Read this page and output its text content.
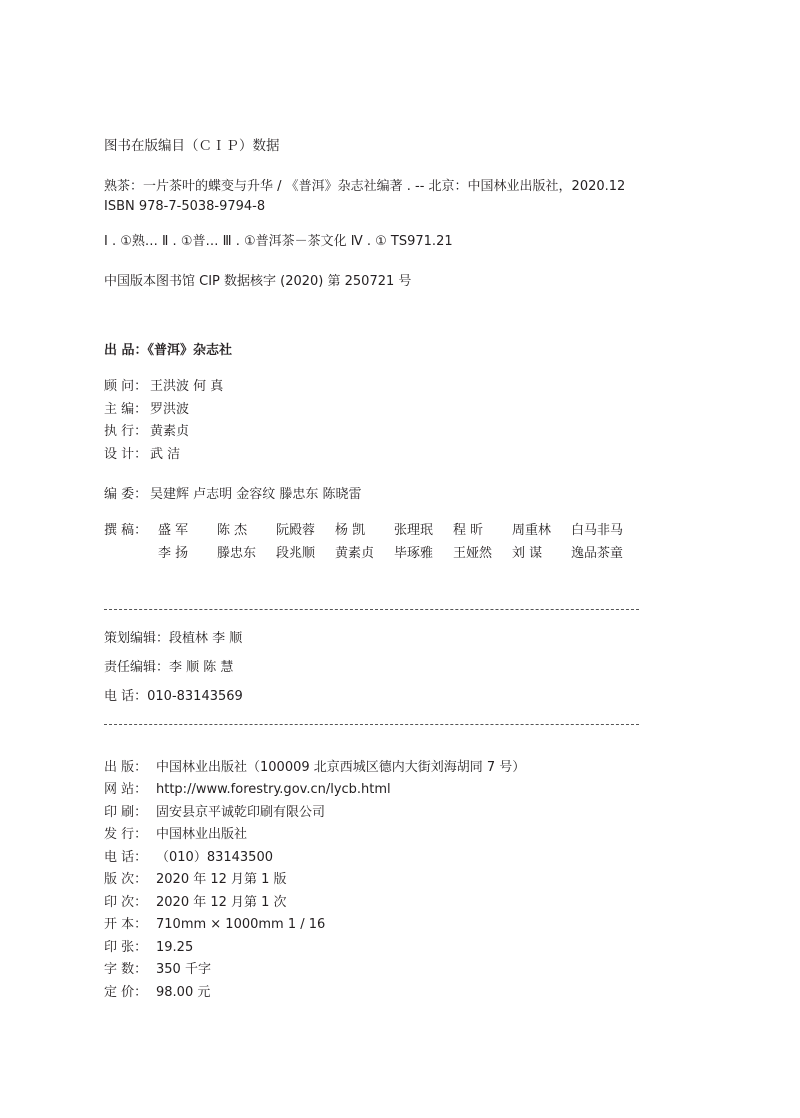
图书在版编目（ＣＩＰ）数据
熟茶：一片茶叶的蝶变与升华 / 《普洱》杂志社编著 . -- 北京：中国林业出版社，2020.12
ISBN 978-7-5038-9794-8
Ⅰ . ①熟… Ⅱ . ①普… Ⅲ . ①普洱茶－茶文化 Ⅳ . ① TS971.21
中国版本图书馆 CIP 数据核字 (2020) 第 250721 号
出 品：《普洱》杂志社
顾 问： 王洪波 何 真
主 编： 罗洪波
执 行： 黄素贞
设 计： 武 洁
编 委： 吴建辉 卢志明 金容纹 滕忠东 陈晓雷
撰 稿： 盛 军 陈 杰 阮殿蓉 杨 凯 张理珉 程 昕 周重林 白马非马
李 扬 滕忠东 段兆顺 黄素贞 毕琢雅 王娅然 刘 谋 逸品茶童
策划编辑：段植林 李 顺
责任编辑：李 顺 陈 慧
电 话：010-83143569
出 版： 中国林业出版社（100009 北京西城区德内大街刘海胡同 7 号）
网 站： http://www.forestry.gov.cn/lycb.html
印 刷： 固安县京平诚乾印刷有限公司
发 行： 中国林业出版社
电 话： （010）83143500
版 次： 2020 年 12 月第 1 版
印 次： 2020 年 12 月第 1 次
开 本： 710mm × 1000mm 1 / 16
印 张： 19.25
字 数： 350 千字
定 价： 98.00 元
